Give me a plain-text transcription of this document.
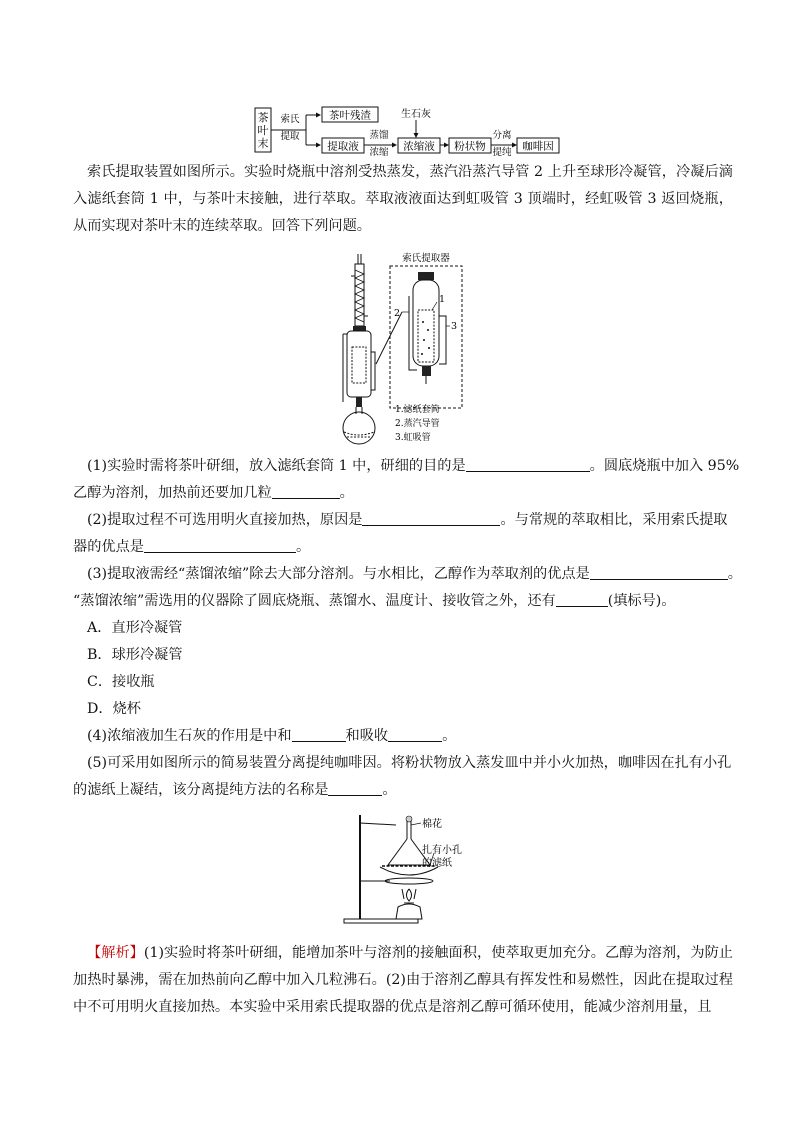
茶
叶
末
索氏
提取
茶叶残渣
提取液
蒸馏
浓缩
生石灰
浓缩液 粉状物
分离
提纯 咖啡因
索氏提取装置如图所示。实验时烧瓶中溶剂受热蒸发，蒸汽沿蒸汽导管 2 上升至球形冷凝管，冷凝后滴入滤纸套筒 1 中，与茶叶末接触，进行萃取。萃取液液面达到虹吸管 3 顶端时，经虹吸管 3 返回烧瓶，从而实现对茶叶末的连续萃取。回答下列问题。
索氏提取器
1
2
3
1.滤纸套筒
2.蒸汽导管
3.虹吸管
(1)实验时需将茶叶研细，放入滤纸套筒 1 中，研细的目的是	。圆底烧瓶中加入 95%
乙醇为溶剂，加热前还要加几粒	。
(2)提取过程不可选用明火直接加热，原因是	。与常规的萃取相比，采用索氏提取
器的优点是	。
(3)提取液需经“蒸馏浓缩”除去大部分溶剂。与水相比，乙醇作为萃取剂的优点是	。
“蒸馏浓缩”需选用的仪器除了圆底烧瓶、蒸馏水、温度计、接收管之外，还有	(填标号)。
A．直形冷凝管
B．球形冷凝管
C．接收瓶
D．烧杯
(4)浓缩液加生石灰的作用是中和	和吸收	。
(5)可采用如图所示的简易装置分离提纯咖啡因。将粉状物放入蒸发皿中并小火加热，咖啡因在扎有小孔
的滤纸上凝结，该分离提纯方法的名称是	。
棉花
扎有小孔
的滤纸
【解析】(1)实验时将茶叶研细，能增加茶叶与溶剂的接触面积，使萃取更加充分。乙醇为溶剂，为防止加热时暴沸，需在加热前向乙醇中加入几粒沸石。(2)由于溶剂乙醇具有挥发性和易燃性，因此在提取过程中不可用明火直接加热。本实验中采用索氏提取器的优点是溶剂乙醇可循环使用，能减少溶剂用量，且
